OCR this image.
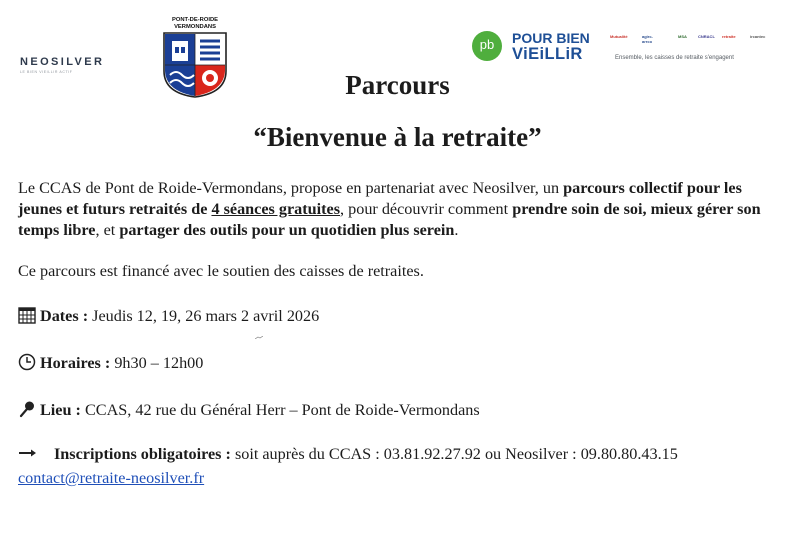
NEOSILVER
LE BIEN VIEILLIR ACTIF
PONT-DE-ROIDE
VERMONDANS
pb	POUR BIEN
ViEiLLiR
Mutualité	agirc-arrco
MSA	CNRACL retraite	ircantec
Ensemble, les caisses de retraite s'engagent
Parcours
“Bienvenue à la retraite”
Le CCAS de Pont de Roide-Vermondans, propose en partenariat avec Neosilver, un parcours collectif pour les jeunes et futurs retraités de 4 séances gratuites, pour découvrir comment prendre soin de soi, mieux gérer son temps libre, et partager des outils pour un quotidien plus serein.
Ce parcours est financé avec le soutien des caisses de retraites.
Dates : Jeudis 12, 19, 26 mars 2 avril 2026
Horaires : 9h30 – 12h00
Lieu : CCAS, 42 rue du Général Herr – Pont de Roide-Vermondans
Inscriptions obligatoires : soit auprès du CCAS : 03.81.92.27.92 ou Neosilver : 09.80.80.43.15
contact@retraite-neosilver.fr
